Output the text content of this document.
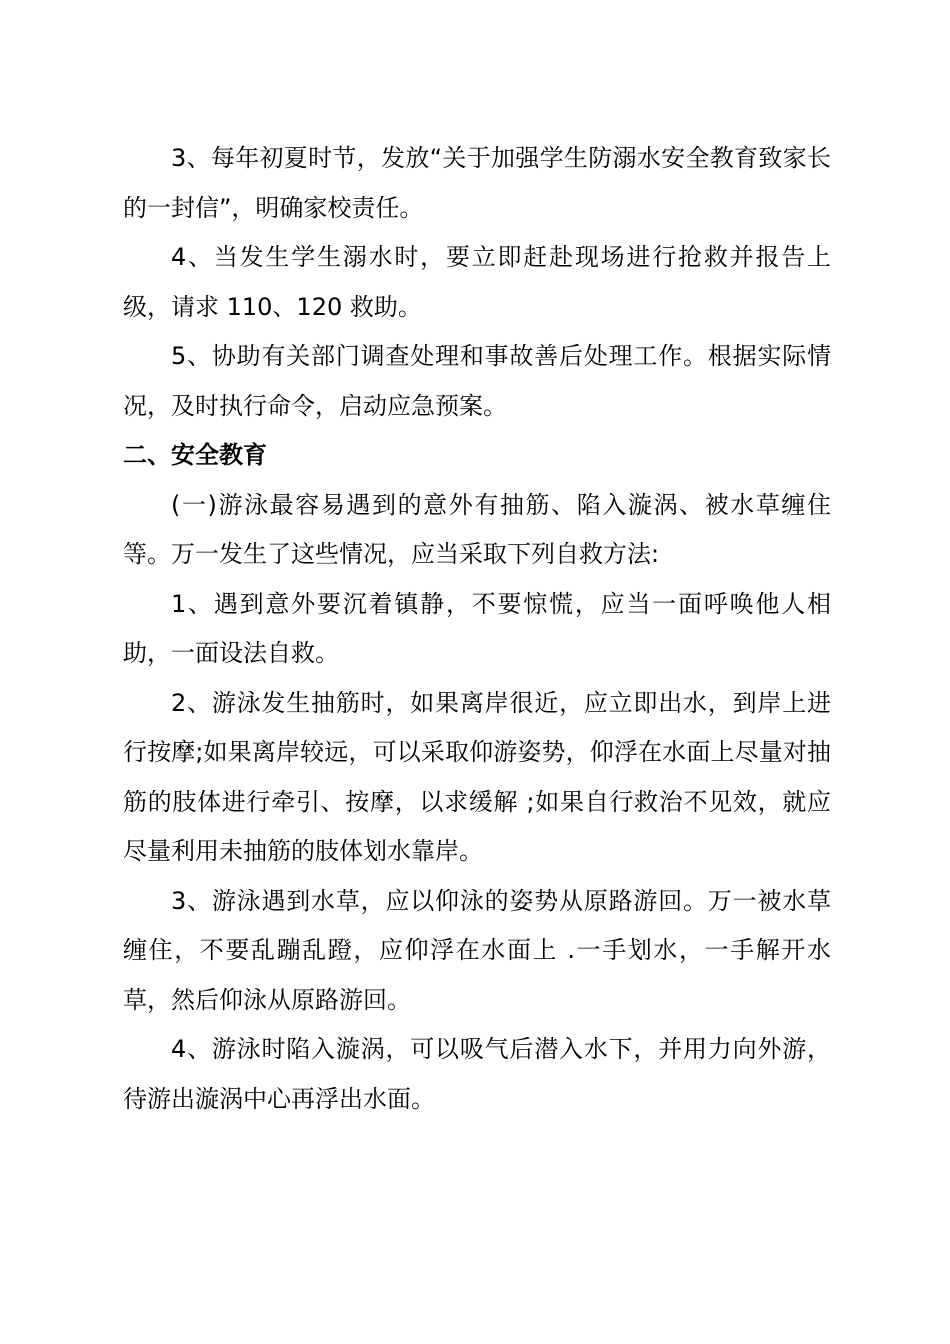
3、每年初夏时节，发放“关于加强学生防溺水安全教育致家长的一封信”，明确家校责任。

4、当发生学生溺水时，要立即赶赴现场进行抢救并报告上级，请求 110、120 救助。

5、协助有关部门调查处理和事故善后处理工作。根据实际情况，及时执行命令，启动应急预案。

二、安全教育

(一)游泳最容易遇到的意外有抽筋、陷入漩涡、被水草缠住等。万一发生了这些情况，应当采取下列自救方法:

1、遇到意外要沉着镇静，不要惊慌，应当一面呼唤他人相助，一面设法自救。

2、游泳发生抽筋时，如果离岸很近，应立即出水，到岸上进行按摩;如果离岸较远，可以采取仰游姿势，仰浮在水面上尽量对抽筋的肢体进行牵引、按摩，以求缓解 ;如果自行救治不见效，就应尽量利用未抽筋的肢体划水靠岸。

3、游泳遇到水草，应以仰泳的姿势从原路游回。万一被水草缠住，不要乱蹦乱蹬，应仰浮在水面上 .一手划水，一手解开水草，然后仰泳从原路游回。

4、游泳时陷入漩涡，可以吸气后潜入水下，并用力向外游，待游出漩涡中心再浮出水面。
